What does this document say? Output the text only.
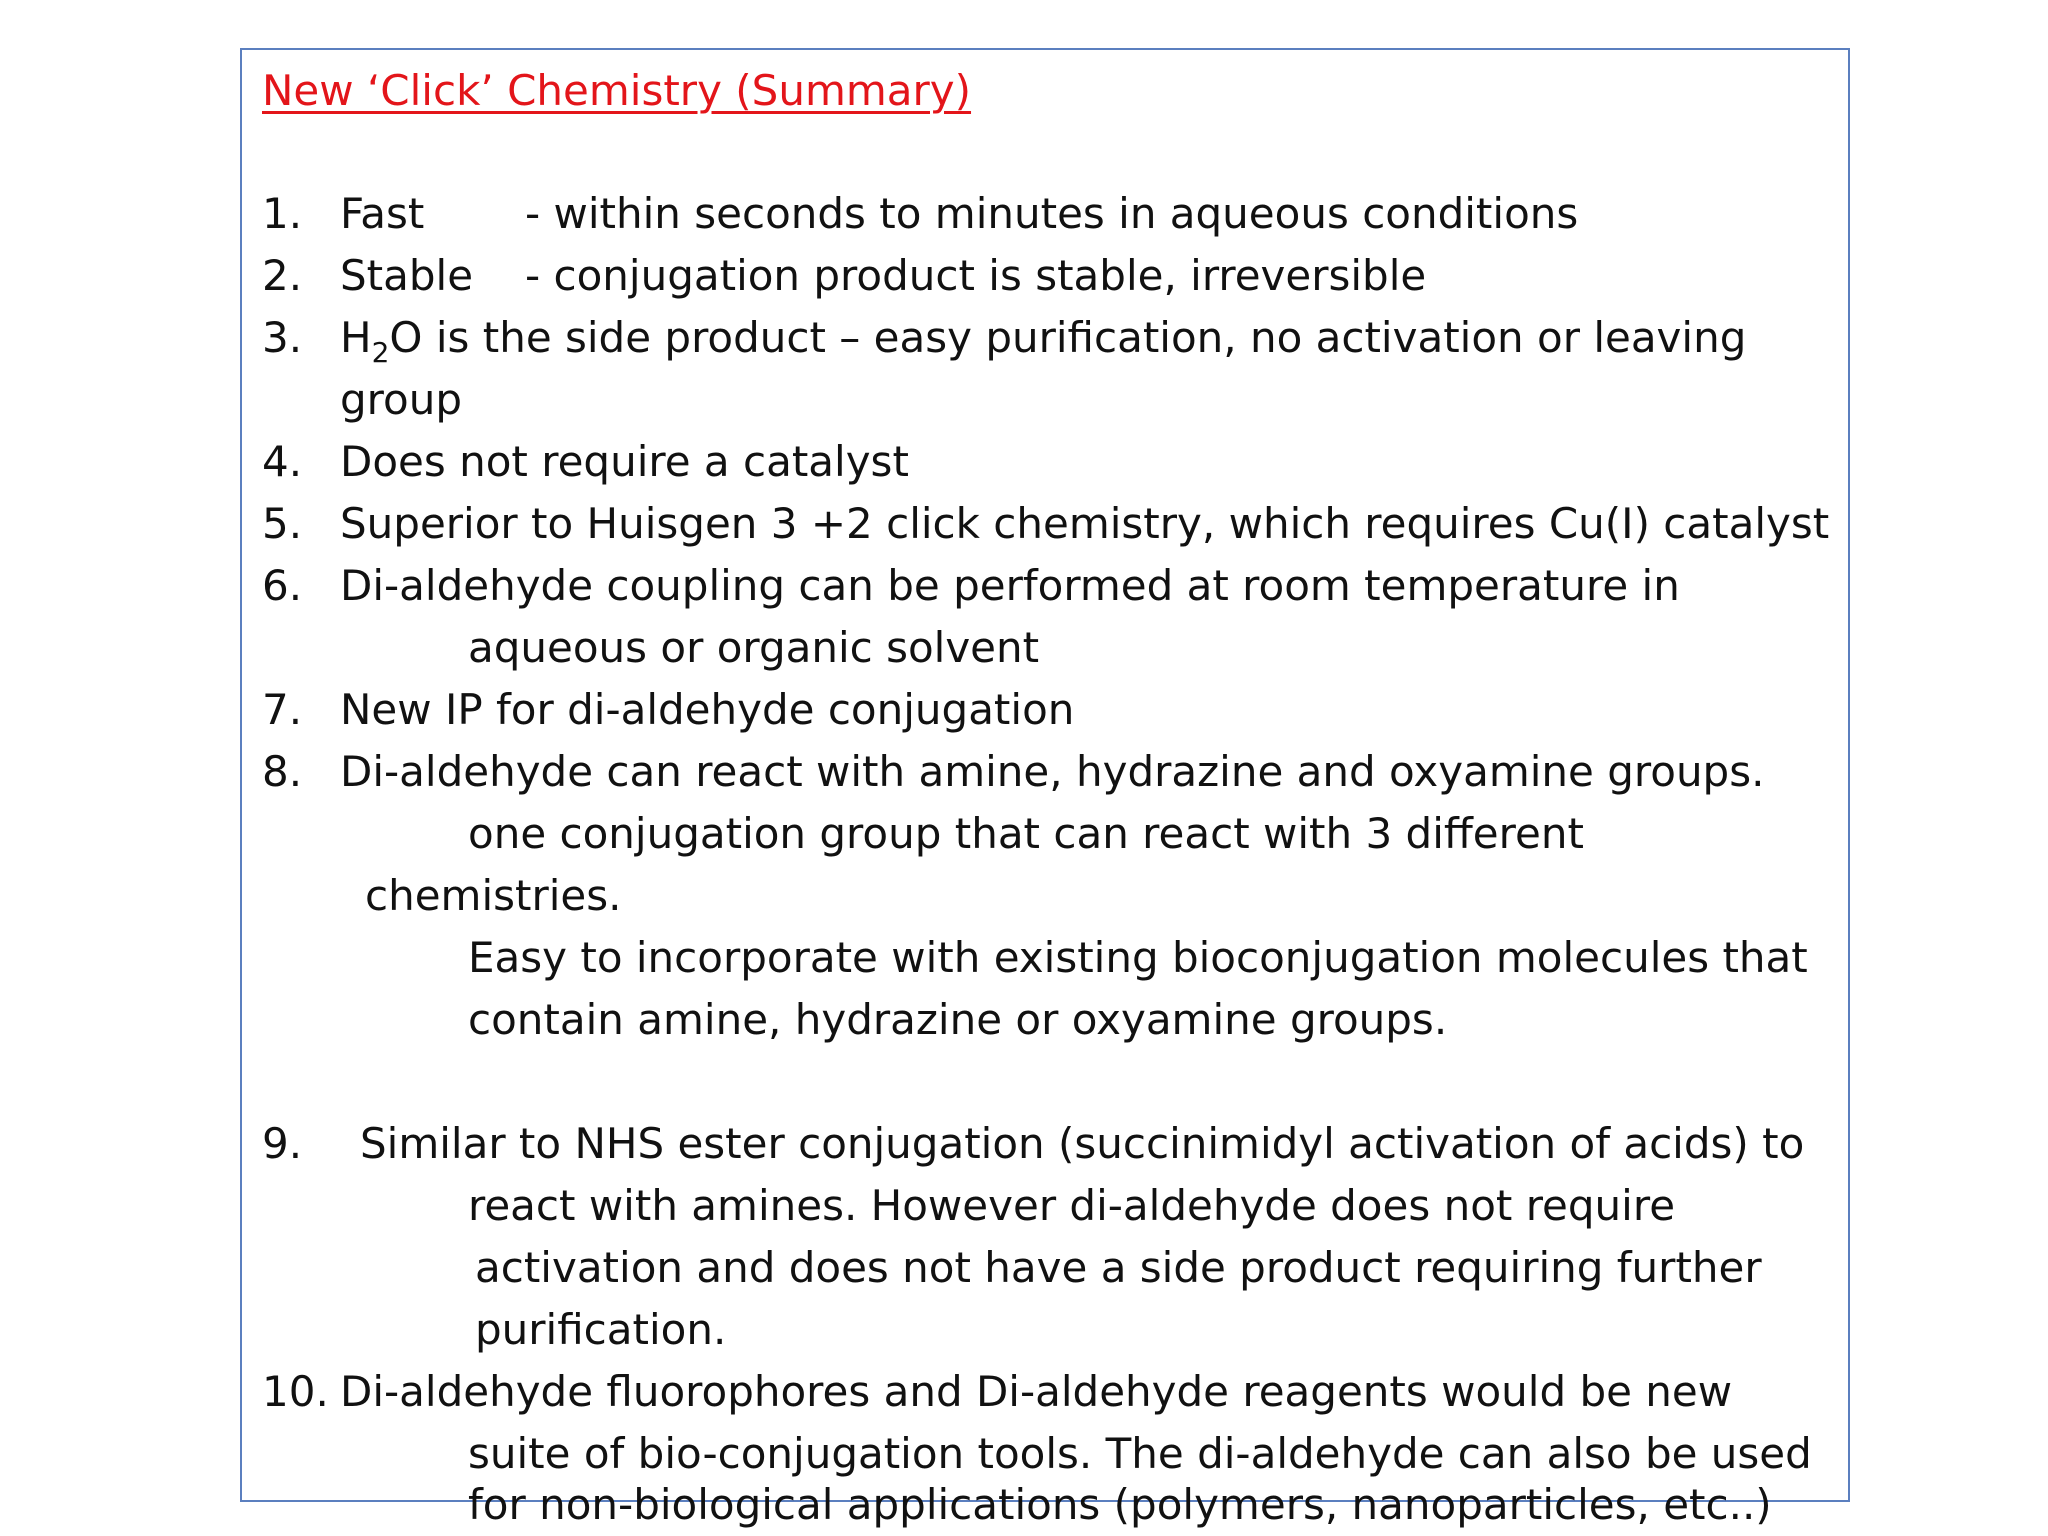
New ‘Click’ Chemistry (Summary)
1. Fast - within seconds to minutes in aqueous conditions
2. Stable - conjugation product is stable, irreversible
3. $H_2O$ is the side product – easy purification, no activation or leaving
group
4. Does not require a catalyst
5. Superior to Huisgen 3 +2 click chemistry, which requires Cu(I) catalyst
6. Di-aldehyde coupling can be performed at room temperature in
aqueous or organic solvent
7. New IP for di-aldehyde conjugation
8. Di-aldehyde can react with amine, hydrazine and oxyamine groups.
one conjugation group that can react with 3 different
chemistries.
Easy to incorporate with existing bioconjugation molecules that
contain amine, hydrazine or oxyamine groups.
9. Similar to NHS ester conjugation (succinimidyl activation of acids) to
react with amines. However di-aldehyde does not require
activation and does not have a side product requiring further
purification.
10. Di-aldehyde fluorophores and Di-aldehyde reagents would be new
suite of bio-conjugation tools. The di-aldehyde can also be used
for non-biological applications (polymers, nanoparticles, etc..)
